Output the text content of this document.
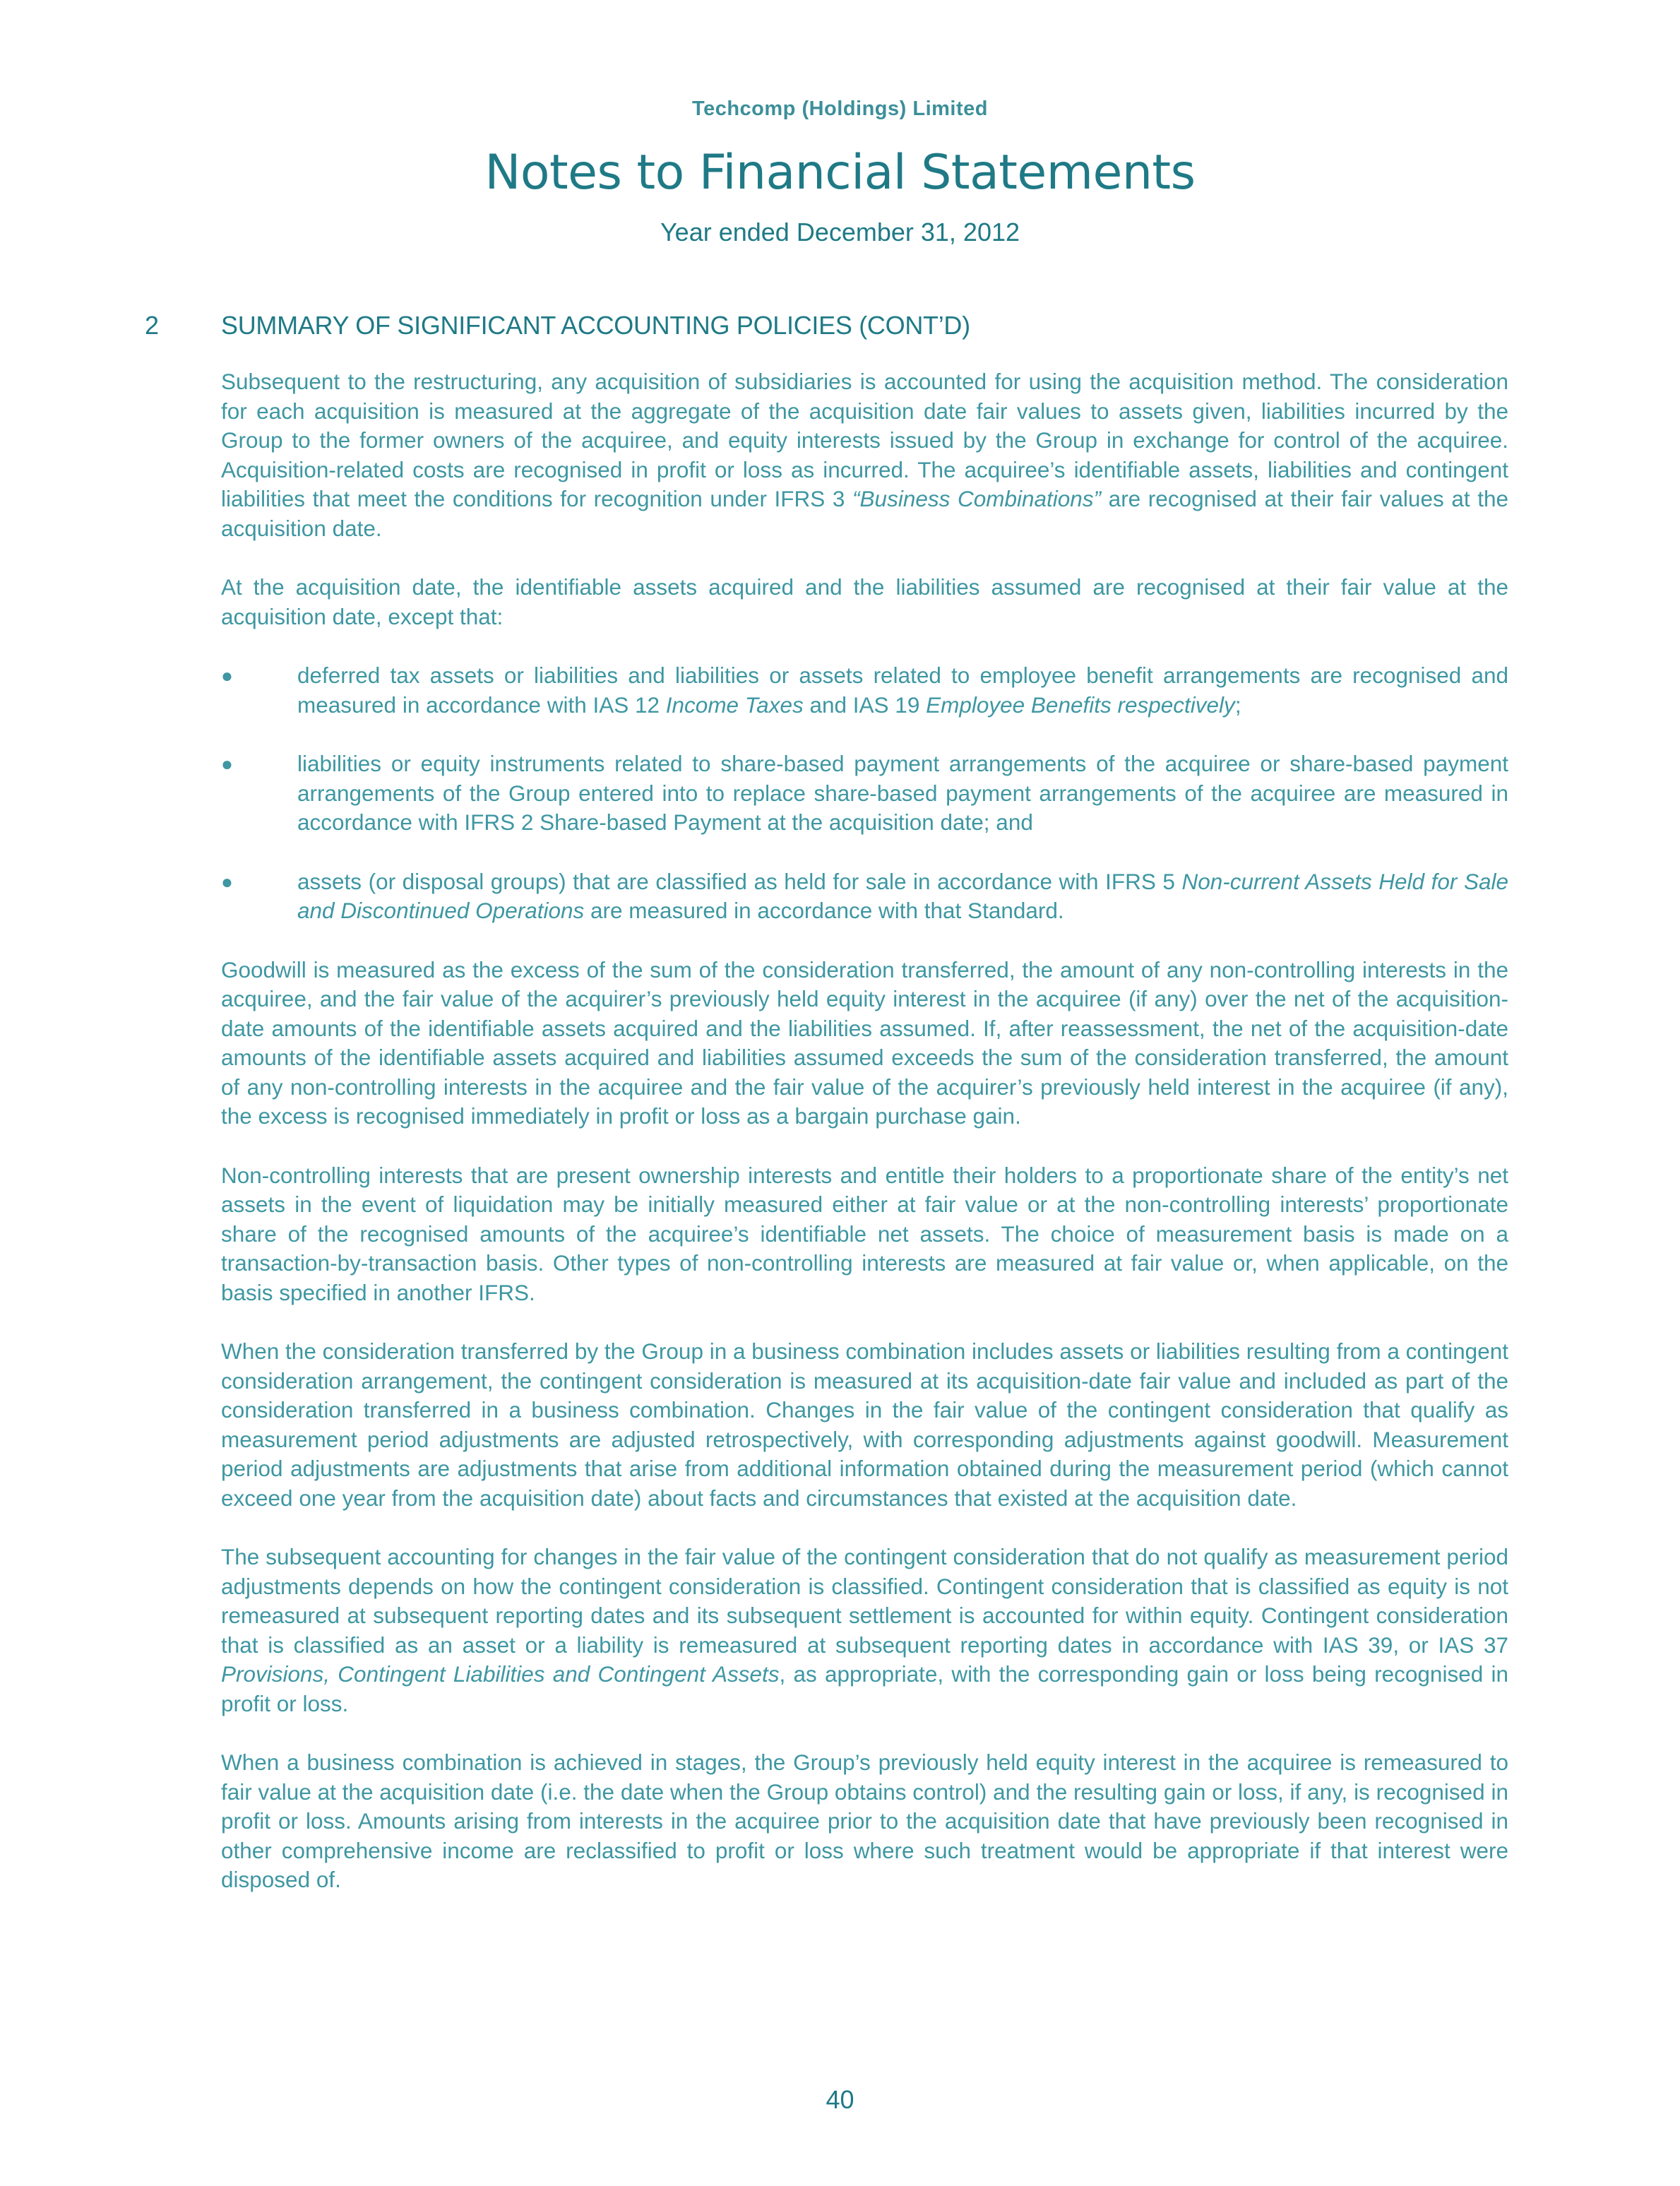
Techcomp (Holdings) Limited
Notes to Financial Statements
Year ended December 31, 2012
2 SUMMARY OF SIGNIFICANT ACCOUNTING POLICIES (CONT’D)

Subsequent to the restructuring, any acquisition of subsidiaries is accounted for using the acquisition method. The consideration for each acquisition is measured at the aggregate of the acquisition date fair values to assets given, liabilities incurred by the Group to the former owners of the acquiree, and equity interests issued by the Group in exchange for control of the acquiree. Acquisition-related costs are recognised in profit or loss as incurred. The acquiree’s identifiable assets, liabilities and contingent liabilities that meet the conditions for recognition under IFRS 3 “Business Combinations” are recognised at their fair values at the acquisition date.

At the acquisition date, the identifiable assets acquired and the liabilities assumed are recognised at their fair value at the acquisition date, except that:

●	deferred tax assets or liabilities and liabilities or assets related to employee benefit arrangements are recognised and measured in accordance with IAS 12 Income Taxes and IAS 19 Employee Benefits respectively;
●	liabilities or equity instruments related to share-based payment arrangements of the acquiree or share-based payment arrangements of the Group entered into to replace share-based payment arrangements of the acquiree are measured in accordance with IFRS 2 Share-based Payment at the acquisition date; and
●	assets (or disposal groups) that are classified as held for sale in accordance with IFRS 5 Non-current Assets Held for Sale and Discontinued Operations are measured in accordance with that Standard.

Goodwill is measured as the excess of the sum of the consideration transferred, the amount of any non-controlling interests in the acquiree, and the fair value of the acquirer’s previously held equity interest in the acquiree (if any) over the net of the acquisition-date amounts of the identifiable assets acquired and the liabilities assumed. If, after reassessment, the net of the acquisition-date amounts of the identifiable assets acquired and liabilities assumed exceeds the sum of the consideration transferred, the amount of any non-controlling interests in the acquiree and the fair value of the acquirer’s previously held interest in the acquiree (if any), the excess is recognised immediately in profit or loss as a bargain purchase gain.

Non-controlling interests that are present ownership interests and entitle their holders to a proportionate share of the entity’s net assets in the event of liquidation may be initially measured either at fair value or at the non-controlling interests’ proportionate share of the recognised amounts of the acquiree’s identifiable net assets. The choice of measurement basis is made on a transaction-by-transaction basis. Other types of non-controlling interests are measured at fair value or, when applicable, on the basis specified in another IFRS.

When the consideration transferred by the Group in a business combination includes assets or liabilities resulting from a contingent consideration arrangement, the contingent consideration is measured at its acquisition-date fair value and included as part of the consideration transferred in a business combination. Changes in the fair value of the contingent consideration that qualify as measurement period adjustments are adjusted retrospectively, with corresponding adjustments against goodwill. Measurement period adjustments are adjustments that arise from additional information obtained during the measurement period (which cannot exceed one year from the acquisition date) about facts and circumstances that existed at the acquisition date.

The subsequent accounting for changes in the fair value of the contingent consideration that do not qualify as measurement period adjustments depends on how the contingent consideration is classified. Contingent consideration that is classified as equity is not remeasured at subsequent reporting dates and its subsequent settlement is accounted for within equity. Contingent consideration that is classified as an asset or a liability is remeasured at subsequent reporting dates in accordance with IAS 39, or IAS 37 Provisions, Contingent Liabilities and Contingent Assets, as appropriate, with the corresponding gain or loss being recognised in profit or loss.

When a business combination is achieved in stages, the Group’s previously held equity interest in the acquiree is remeasured to fair value at the acquisition date (i.e. the date when the Group obtains control) and the resulting gain or loss, if any, is recognised in profit or loss. Amounts arising from interests in the acquiree prior to the acquisition date that have previously been recognised in other comprehensive income are reclassified to profit or loss where such treatment would be appropriate if that interest were disposed of.

40
